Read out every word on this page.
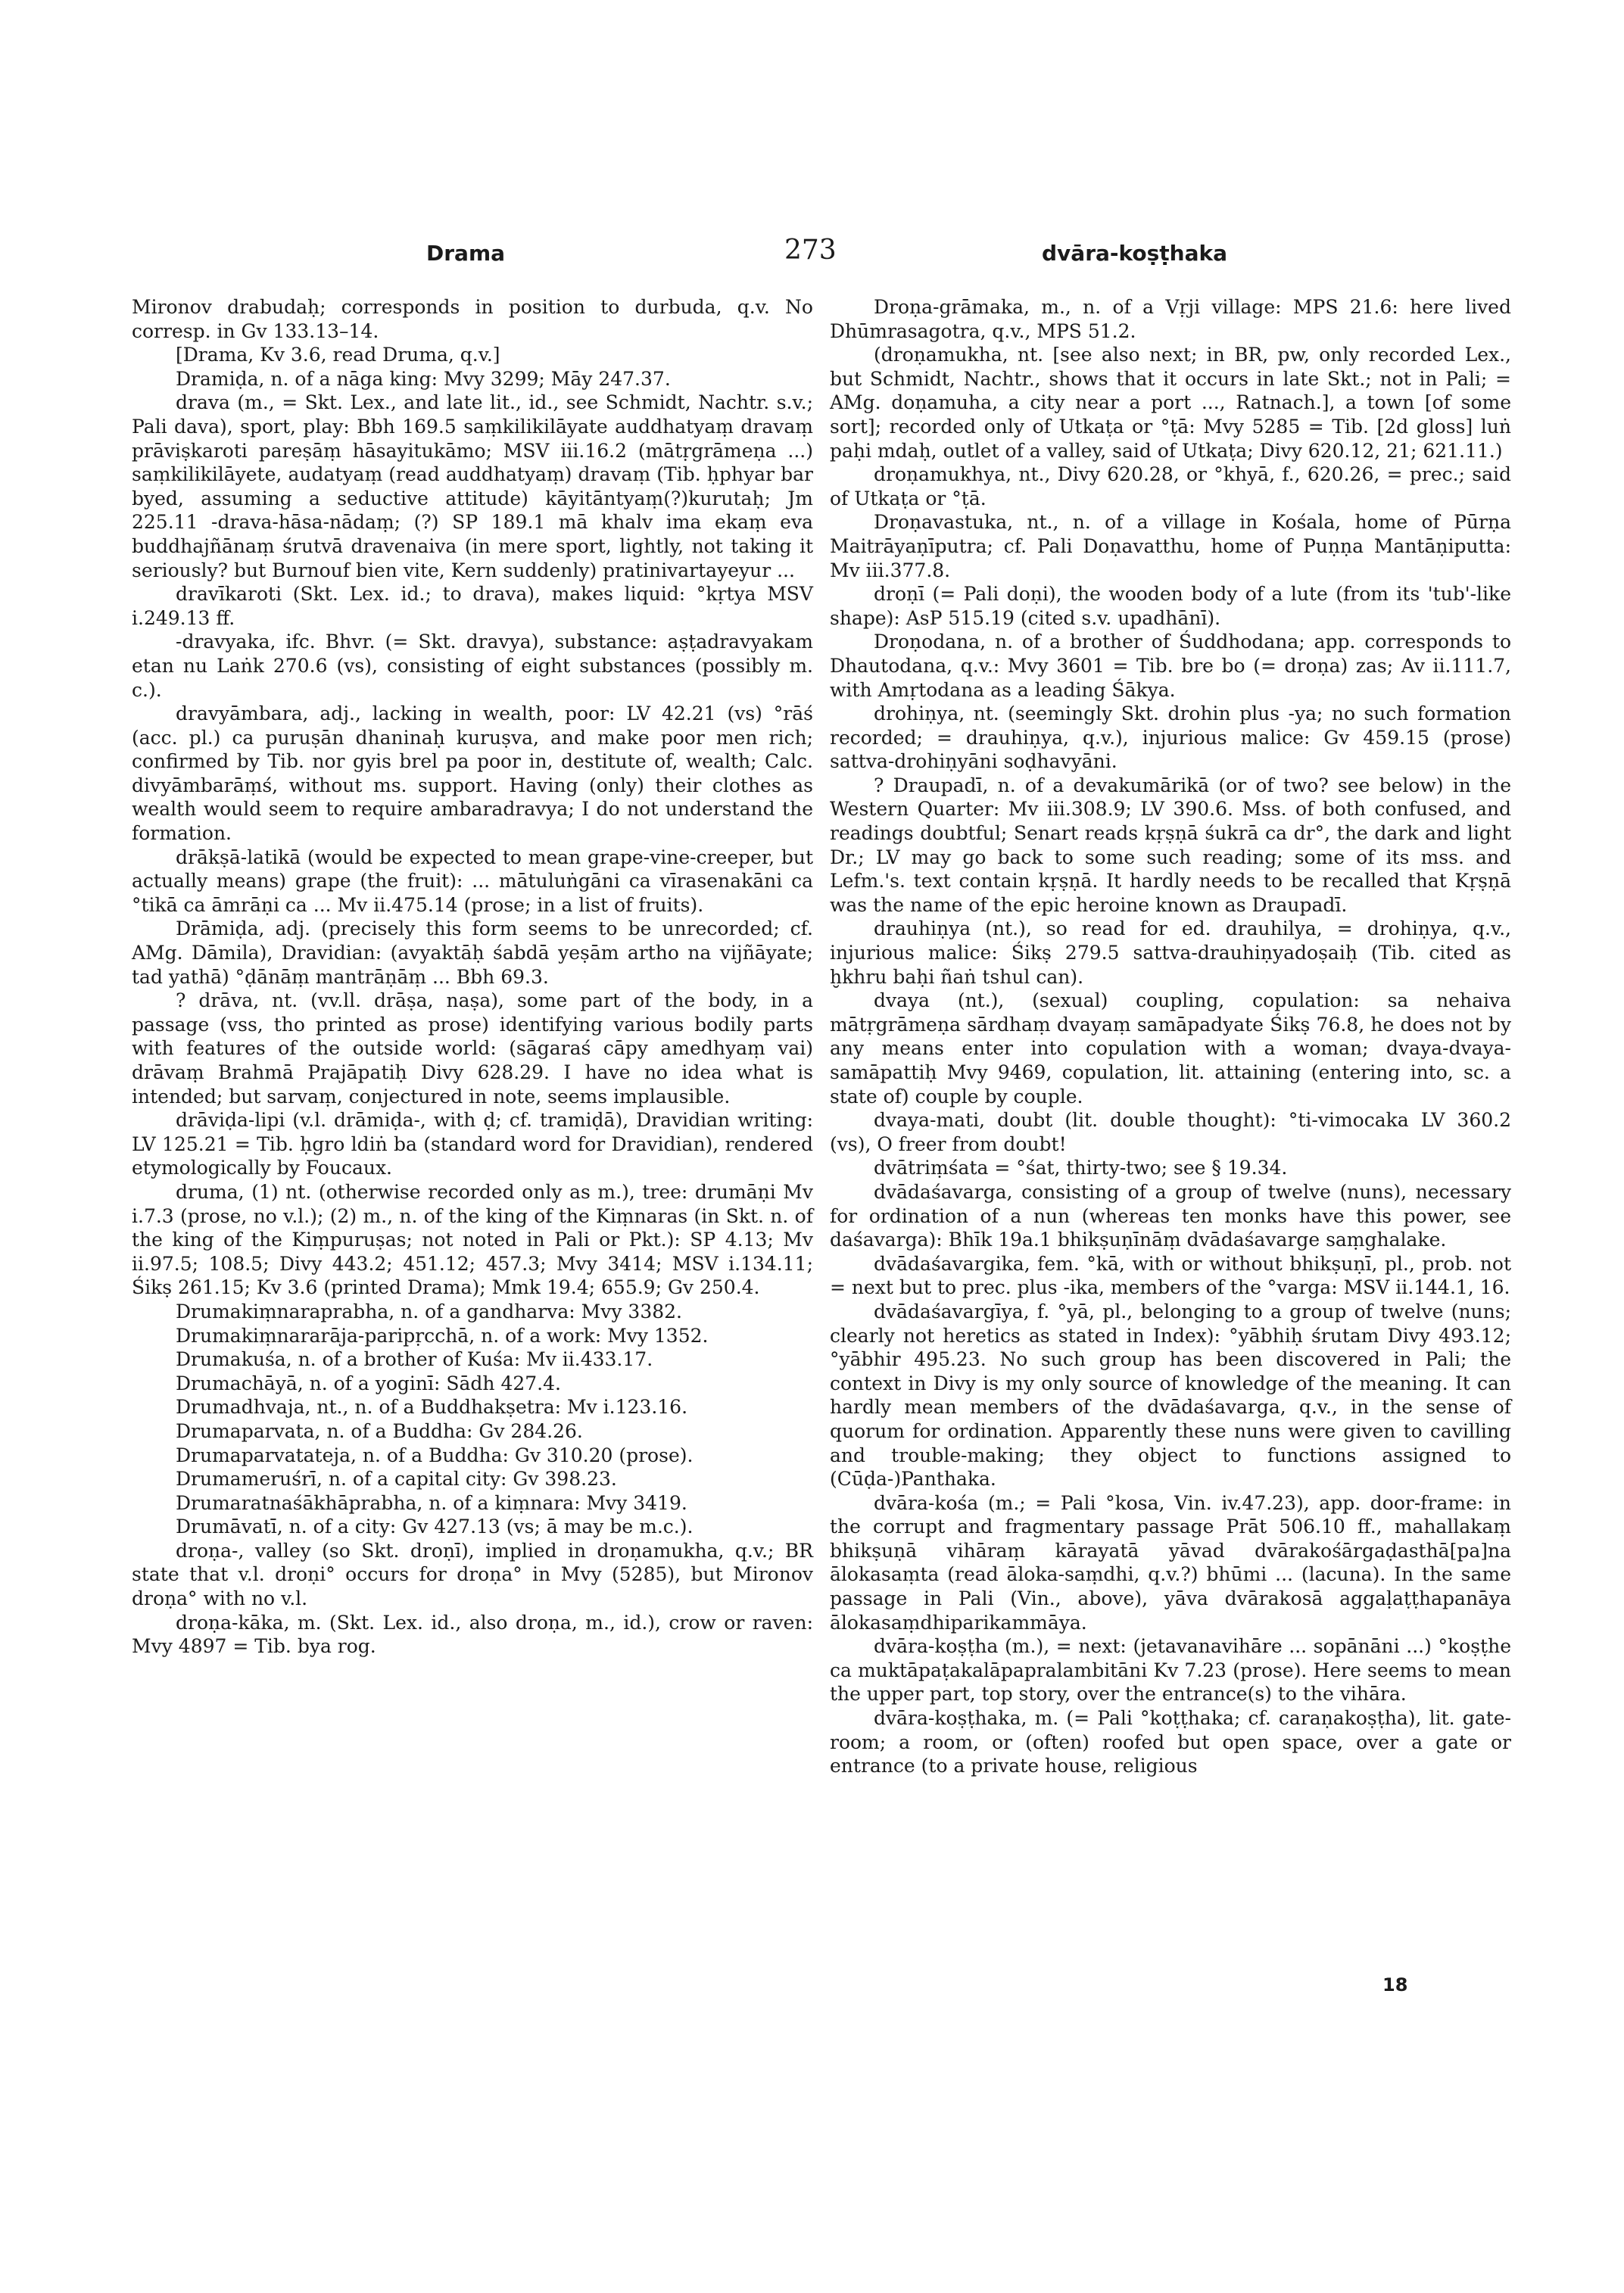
Drama	273	dvāra-koṣṭhaka

Mironov drabudaḥ; corresponds in position to durbuda, q.v. No corresp. in Gv 133.13–14.

[Drama, Kv 3.6, read Druma, q.v.]

Dramiḍa, n. of a nāga king: Mvy 3299; Māy 247.37.

drava (m., = Skt. Lex., and late lit., id., see Schmidt, Nachtr. s.v.; Pali dava), sport, play: Bbh 169.5 saṃkilikilāyate auddhatyaṃ dravaṃ prāviṣkaroti pareṣāṃ hāsayitukāmo; MSV iii.16.2 (mātṛgrāmeṇa ...) saṃkilikilāyete, audatyaṃ (read auddhatyaṃ) dravaṃ (Tib. ḥphyar bar byed, assuming a seductive attitude) kāyitāntyaṃ(?)kurutaḥ; Jm 225.11 -drava-hāsa-nādaṃ; (?) SP 189.1 mā khalv ima ekaṃ eva buddhajñānaṃ śrutvā dravenaiva (in mere sport, lightly, not taking it seriously? but Burnouf bien vite, Kern suddenly) pratinivartayeyur ...

dravīkaroti (Skt. Lex. id.; to drava), makes liquid: °kṛtya MSV i.249.13 ff.

-dravyaka, ifc. Bhvr. (= Skt. dravya), substance: aṣṭadravyakam etan nu Laṅk 270.6 (vs), consisting of eight substances (possibly m. c.).

dravyāmbara, adj., lacking in wealth, poor: LV 42.21 (vs) °rāś (acc. pl.) ca puruṣān dhaninaḥ kuruṣva, and make poor men rich; confirmed by Tib. nor gyis brel pa poor in, destitute of, wealth; Calc. divyāmbarāṃś, without ms. support. Having (only) their clothes as wealth would seem to require ambaradravya; I do not understand the formation.

drākṣā-latikā (would be expected to mean grape-vine-creeper, but actually means) grape (the fruit): ... mātuluṅgāni ca vīrasenakāni ca °tikā ca āmrāṇi ca ... Mv ii.475.14 (prose; in a list of fruits).

Drāmiḍa, adj. (precisely this form seems to be unrecorded; cf. AMg. Dāmila), Dravidian: (avyaktāḥ śabdā yeṣām artho na vijñāyate; tad yathā) °ḍānāṃ mantrāṇāṃ ... Bbh 69.3.

? drāva, nt. (vv.ll. drāṣa, naṣa), some part of the body, in a passage (vss, tho printed as prose) identifying various bodily parts with features of the outside world: (sāgaraś cāpy amedhyaṃ vai) drāvaṃ Brahmā Prajāpatiḥ Divy 628.29. I have no idea what is intended; but sarvaṃ, conjectured in note, seems implausible.

drāviḍa-lipi (v.l. drāmiḍa-, with ḍ; cf. tramiḍā), Dravidian writing: LV 125.21 = Tib. ḥgro ldiṅ ba (standard word for Dravidian), rendered etymologically by Foucaux.

druma, (1) nt. (otherwise recorded only as m.), tree: drumāṇi Mv i.7.3 (prose, no v.l.); (2) m., n. of the king of the Kiṃnaras (in Skt. n. of the king of the Kiṃpuruṣas; not noted in Pali or Pkt.): SP 4.13; Mv ii.97.5; 108.5; Divy 443.2; 451.12; 457.3; Mvy 3414; MSV i.134.11; Śikṣ 261.15; Kv 3.6 (printed Drama); Mmk 19.4; 655.9; Gv 250.4.

Drumakiṃnaraprabha, n. of a gandharva: Mvy 3382.

Drumakiṃnararāja-paripṛcchā, n. of a work: Mvy 1352.

Drumakuśa, n. of a brother of Kuśa: Mv ii.433.17.

Drumachāyā, n. of a yoginī: Sādh 427.4.

Drumadhvaja, nt., n. of a Buddhakṣetra: Mv i.123.16.

Drumaparvata, n. of a Buddha: Gv 284.26.

Drumaparvatateja, n. of a Buddha: Gv 310.20 (prose).

Drumameruśrī, n. of a capital city: Gv 398.23.

Drumaratnaśākhāprabha, n. of a kiṃnara: Mvy 3419.

Drumāvatī, n. of a city: Gv 427.13 (vs; ā may be m.c.).

droṇa-, valley (so Skt. droṇī), implied in droṇamukha, q.v.; BR state that v.l. droṇi° occurs for droṇa° in Mvy (5285), but Mironov droṇa° with no v.l.

droṇa-kāka, m. (Skt. Lex. id., also droṇa, m., id.), crow or raven: Mvy 4897 = Tib. bya rog.

Droṇa-grāmaka, m., n. of a Vṛji village: MPS 21.6: here lived Dhūmrasagotra, q.v., MPS 51.2.

(droṇamukha, nt. [see also next; in BR, pw, only recorded Lex., but Schmidt, Nachtr., shows that it occurs in late Skt.; not in Pali; = AMg. doṇamuha, a city near a port ..., Ratnach.], a town [of some sort]; recorded only of Utkaṭa or °ṭā: Mvy 5285 = Tib. [2d gloss] luṅ paḥi mdaḥ, outlet of a valley, said of Utkaṭa; Divy 620.12, 21; 621.11.)

droṇamukhya, nt., Divy 620.28, or °khyā, f., 620.26, = prec.; said of Utkaṭa or °ṭā.

Droṇavastuka, nt., n. of a village in Kośala, home of Pūrṇa Maitrāyaṇīputra; cf. Pali Doṇavatthu, home of Puṇṇa Mantāṇiputta: Mv iii.377.8.

droṇī (= Pali doṇi), the wooden body of a lute (from its 'tub'-like shape): AsP 515.19 (cited s.v. upadhānī).

Droṇodana, n. of a brother of Śuddhodana; app. corresponds to Dhautodana, q.v.: Mvy 3601 = Tib. bre bo (= droṇa) zas; Av ii.111.7, with Amṛtodana as a leading Śākya.

drohiṇya, nt. (seemingly Skt. drohin plus -ya; no such formation recorded; = drauhiṇya, q.v.), injurious malice: Gv 459.15 (prose) sattva-drohiṇyāni soḍhavyāni.

? Draupadī, n. of a devakumārikā (or of two? see below) in the Western Quarter: Mv iii.308.9; LV 390.6. Mss. of both confused, and readings doubtful; Senart reads kṛṣṇā śukrā ca dr°, the dark and light Dr.; LV may go back to some such reading; some of its mss. and Lefm.'s. text contain kṛṣṇā. It hardly needs to be recalled that Kṛṣṇā was the name of the epic heroine known as Draupadī.

drauhiṇya (nt.), so read for ed. drauhilya, = drohiṇya, q.v., injurious malice: Śikṣ 279.5 sattva-drauhiṇyadoṣaiḥ (Tib. cited as ḫkhru baḥi ñaṅ tshul can).

dvaya (nt.), (sexual) coupling, copulation: sa nehaiva mātṛgrāmeṇa sārdhaṃ dvayaṃ samāpadyate Śikṣ 76.8, he does not by any means enter into copulation with a woman; dvaya-dvaya-samāpattiḥ Mvy 9469, copulation, lit. attaining (entering into, sc. a state of) couple by couple.

dvaya-mati, doubt (lit. double thought): °ti-vimocaka LV 360.2 (vs), O freer from doubt!

dvātriṃśata = °śat, thirty-two; see § 19.34.

dvādaśavarga, consisting of a group of twelve (nuns), necessary for ordination of a nun (whereas ten monks have this power, see daśavarga): Bhīk 19a.1 bhikṣuṇīnāṃ dvādaśavarge saṃghalake.

dvādaśavargika, fem. °kā, with or without bhikṣuṇī, pl., prob. not = next but to prec. plus -ika, members of the °varga: MSV ii.144.1, 16.

dvādaśavargīya, f. °yā, pl., belonging to a group of twelve (nuns; clearly not heretics as stated in Index): °yābhiḥ śrutam Divy 493.12; °yābhir 495.23. No such group has been discovered in Pali; the context in Divy is my only source of knowledge of the meaning. It can hardly mean members of the dvādaśavarga, q.v., in the sense of quorum for ordination. Apparently these nuns were given to cavilling and trouble-making; they object to functions assigned to (Cūḍa-)Panthaka.

dvāra-kośa (m.; = Pali °kosa, Vin. iv.47.23), app. door-frame: in the corrupt and fragmentary passage Prāt 506.10 ff., mahallakaṃ bhikṣuṇā vihāraṃ kārayatā yāvad dvārakośārgaḍasthā[pa]na ālokasaṃta (read āloka-saṃdhi, q.v.?) bhūmi ... (lacuna). In the same passage in Pali (Vin., above), yāva dvārakosā aggaḷaṭṭhapanāya ālokasaṃdhiparikammāya.

dvāra-koṣṭha (m.), = next: (jetavanavihāre ... sopānāni ...) °koṣṭhe ca muktāpaṭakalāpapralambitāni Kv 7.23 (prose). Here seems to mean the upper part, top story, over the entrance(s) to the vihāra.

dvāra-koṣṭhaka, m. (= Pali °koṭṭhaka; cf. caraṇakoṣṭha), lit. gate-room; a room, or (often) roofed but open space, over a gate or entrance (to a private house, religious

18
